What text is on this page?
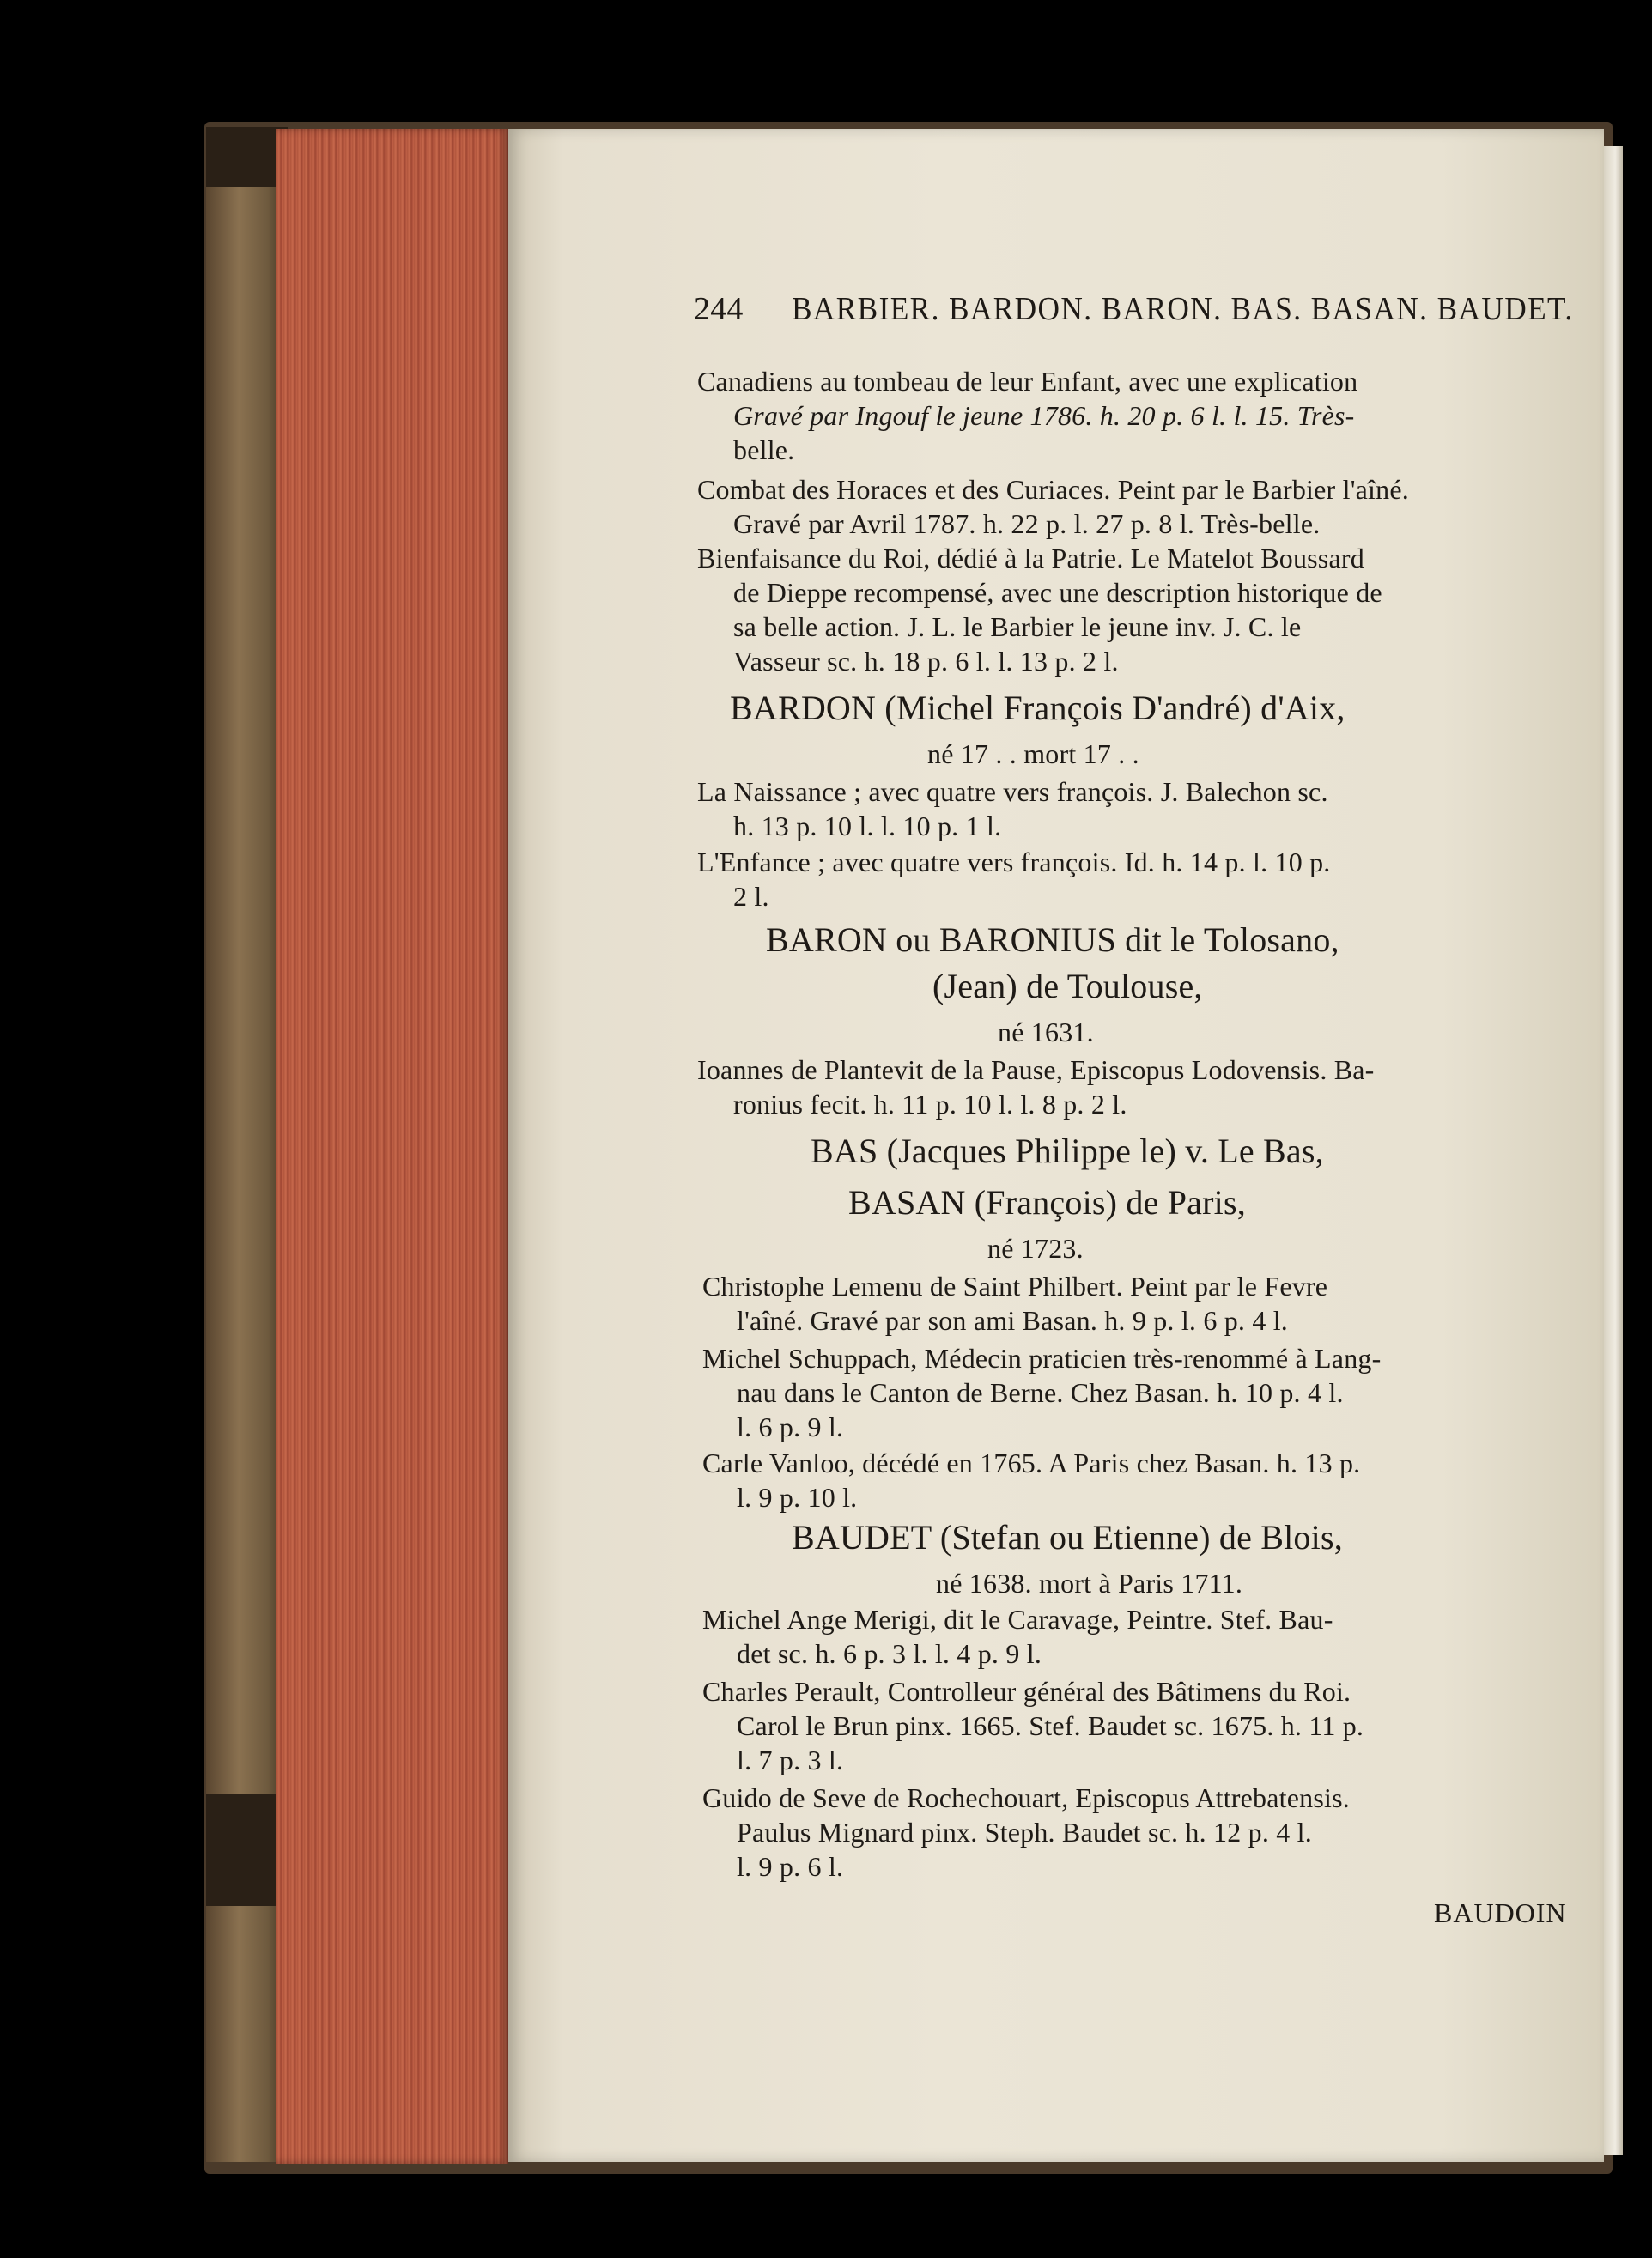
244 BARBIER. BARDON. BARON. BAS. BASAN. BAUDET.
Canadiens au tombeau de leur Enfant, avec une explication
Gravé par Ingouf le jeune 1786. h. 20 p. 6 l. l. 15. Très-
belle.
Combat des Horaces et des Curiaces. Peint par le Barbier l'aîné.
Gravé par Avril 1787. h. 22 p. l. 27 p. 8 l. Très-belle.
Bienfaisance du Roi, dédié à la Patrie. Le Matelot Boussard
de Dieppe recompensé, avec une description historique de
sa belle action. J. L. le Barbier le jeune inv. J. C. le
Vasseur sc. h. 18 p. 6 l. l. 13 p. 2 l.
BARDON (Michel François D'andré) d'Aix,
né 17 . . mort 17 . .
La Naissance ; avec quatre vers françois. J. Balechon sc.
h. 13 p. 10 l. l. 10 p. 1 l.
L'Enfance ; avec quatre vers françois. Id. h. 14 p. l. 10 p.
2 l.
BARON ou BARONIUS dit le Tolosano,
(Jean) de Toulouse,
né 1631.
Ioannes de Plantevit de la Pause, Episcopus Lodovensis. Ba-
ronius fecit. h. 11 p. 10 l. l. 8 p. 2 l.
BAS (Jacques Philippe le) v. Le Bas,
BASAN (François) de Paris,
né 1723.
Christophe Lemenu de Saint Philbert. Peint par le Fevre
l'aîné. Gravé par son ami Basan. h. 9 p. l. 6 p. 4 l.
Michel Schuppach, Médecin praticien très-renommé à Lang-
nau dans le Canton de Berne. Chez Basan. h. 10 p. 4 l.
l. 6 p. 9 l.
Carle Vanloo, décédé en 1765. A Paris chez Basan. h. 13 p.
l. 9 p. 10 l.
BAUDET (Stefan ou Etienne) de Blois,
né 1638. mort à Paris 1711.
Michel Ange Merigi, dit le Caravage, Peintre. Stef. Bau-
det sc. h. 6 p. 3 l. l. 4 p. 9 l.
Charles Perault, Controlleur général des Bâtimens du Roi.
Carol le Brun pinx. 1665. Stef. Baudet sc. 1675. h. 11 p.
l. 7 p. 3 l.
Guido de Seve de Rochechouart, Episcopus Attrebatensis.
Paulus Mignard pinx. Steph. Baudet sc. h. 12 p. 4 l.
l. 9 p. 6 l.
BAUDOIN
